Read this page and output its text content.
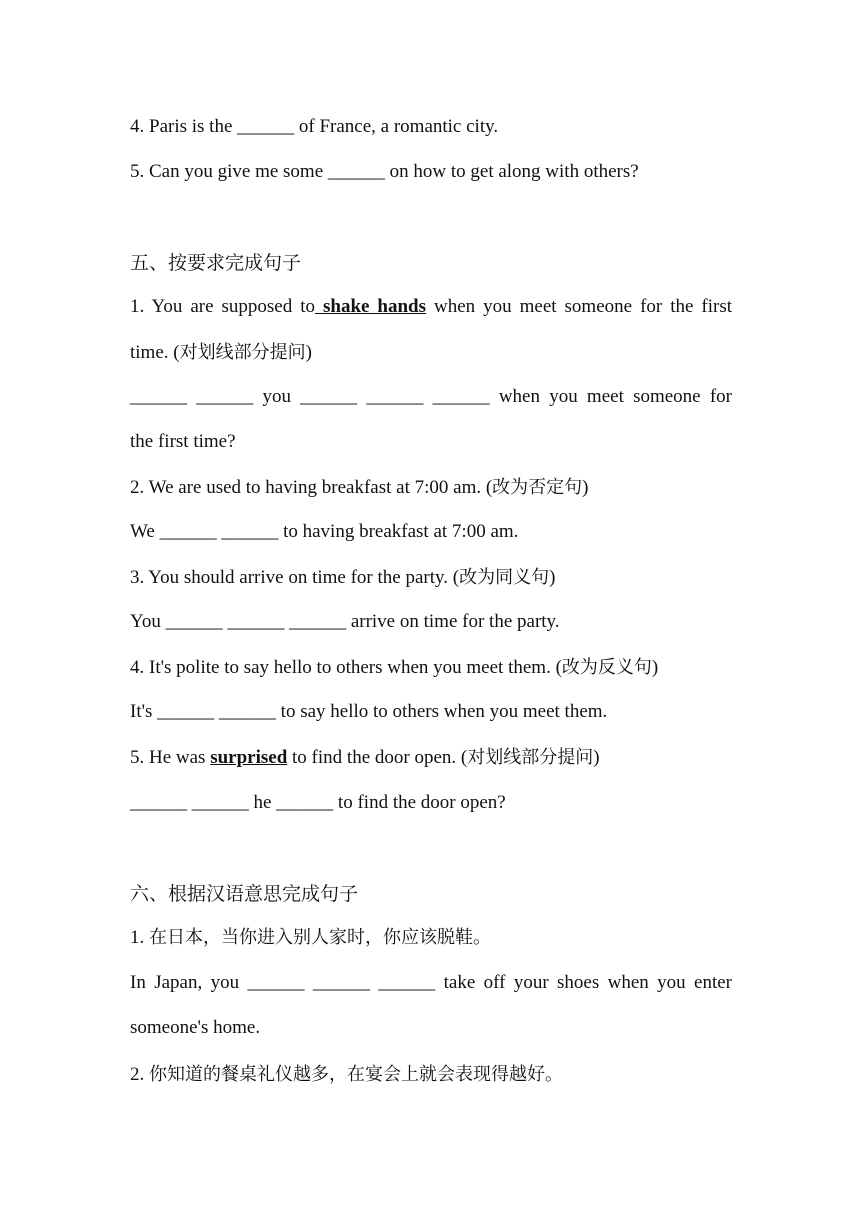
4. Paris is the ______ of France, a romantic city.
5. Can you give me some ______ on how to get along with others?
五、按要求完成句子
1. You are supposed to shake hands when you meet someone for the first
time. (对划线部分提问)
______ ______ you ______ ______ ______ when you meet someone for
the first time?
2. We are used to having breakfast at 7:00 am. (改为否定句)
We ______ ______ to having breakfast at 7:00 am.
3. You should arrive on time for the party. (改为同义句)
You ______ ______ ______ arrive on time for the party.
4. It's polite to say hello to others when you meet them. (改为反义句)
It's ______ ______ to say hello to others when you meet them.
5. He was surprised to find the door open. (对划线部分提问)
______ ______ he ______ to find the door open?
六、根据汉语意思完成句子
1. 在日本，当你进入别人家时，你应该脱鞋。
In Japan, you ______ ______ ______ take off your shoes when you enter
someone's home.
2. 你知道的餐桌礼仪越多，在宴会上就会表现得越好。
